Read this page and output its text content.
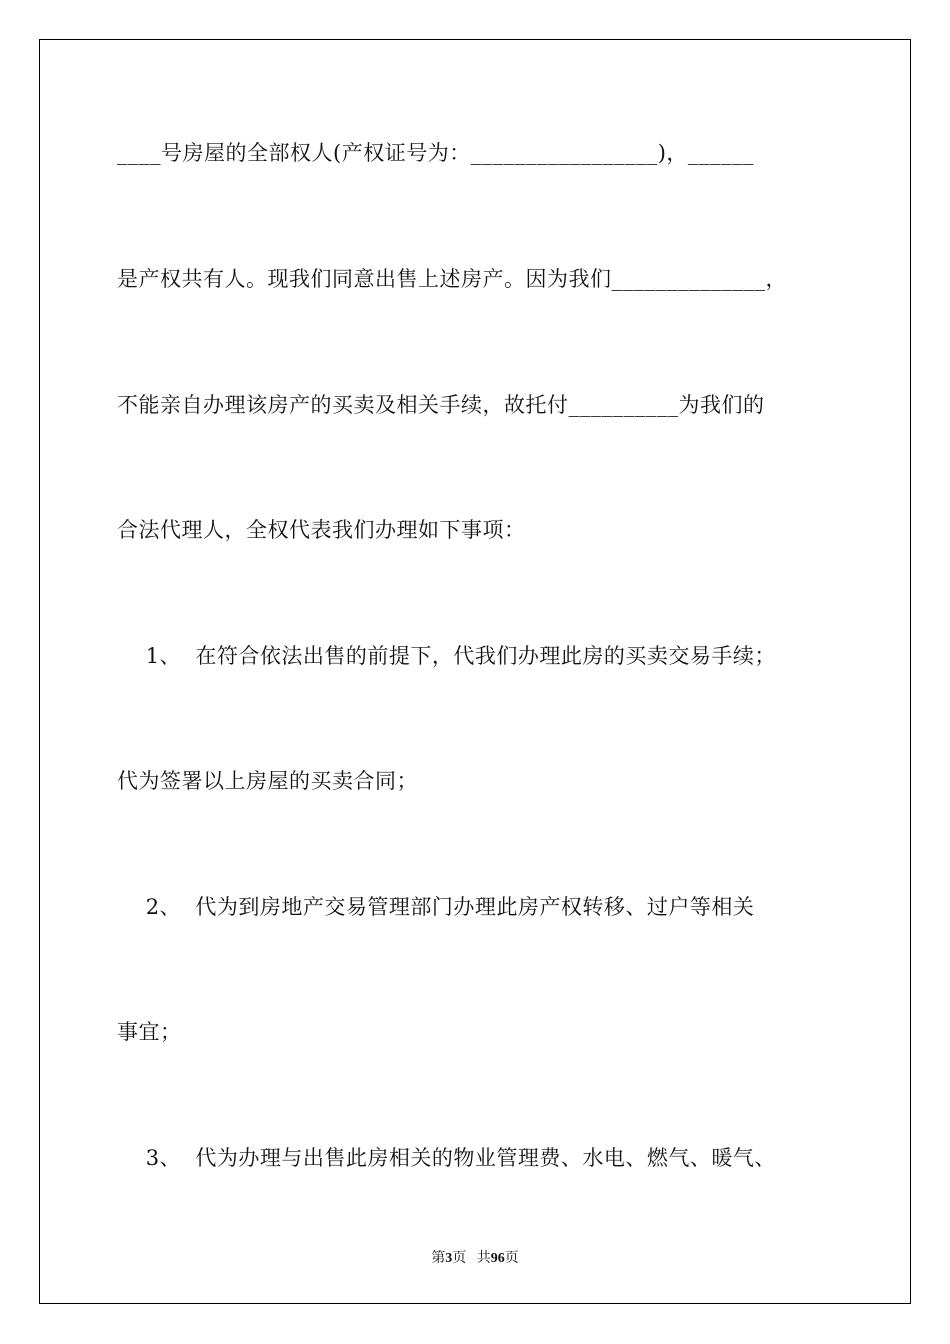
____号房屋的全部权人(产权证号为：_________________)，______
是产权共有人。现我们同意出售上述房产。因为我们______________，
不能亲自办理该房产的买卖及相关手续，故托付__________为我们的
合法代理人，全权代表我们办理如下事项：
1、  在符合依法出售的前提下，代我们办理此房的买卖交易手续；
代为签署以上房屋的买卖合同；
2、  代为到房地产交易管理部门办理此房产权转移、过户等相关
事宜；
3、  代为办理与出售此房相关的物业管理费、水电、燃气、暖气、
第3页 共96页
